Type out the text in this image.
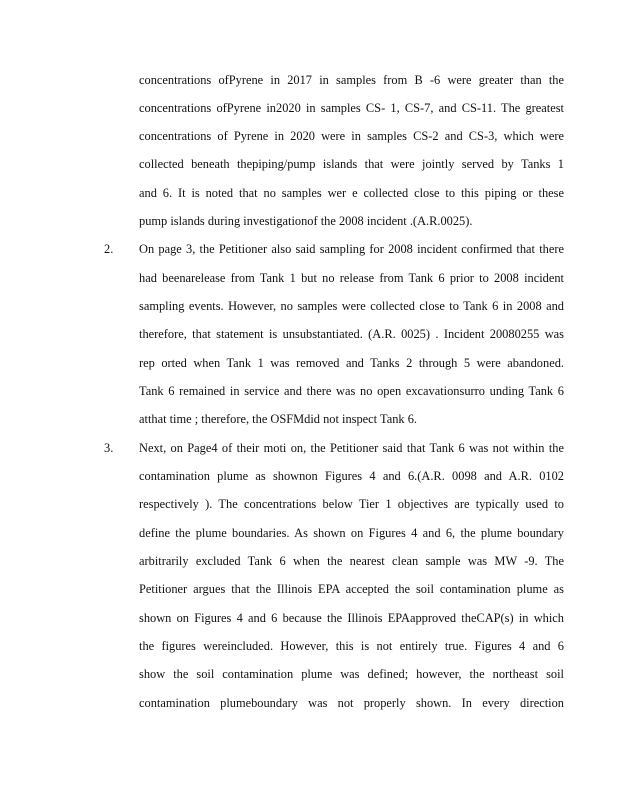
concentrations ofPyrene in 2017 in samples from B -6 were greater than the
concentrations ofPyrene in2020 in samples CS- 1, CS-7, and CS-11. The greatest
concentrations of Pyrene in 2020 were in samples CS-2 and CS-3, which were
collected beneath thepiping/pump islands that were jointly served by Tanks 1
and 6. It is noted that no samples wer e collected close to this piping or these
pump islands during investigationof the 2008 incident .(A.R.0025).
2. On page 3, the Petitioner also said sampling for 2008 incident confirmed that there
had beenarelease from Tank 1 but no release from Tank 6 prior to 2008 incident
sampling events. However, no samples were collected close to Tank 6 in 2008 and
therefore, that statement is unsubstantiated. (A.R. 0025) . Incident 20080255 was
rep orted when Tank 1 was removed and Tanks 2 through 5 were abandoned.
Tank 6 remained in service and there was no open excavationsurro unding Tank 6
atthat time ; therefore, the OSFMdid not inspect Tank 6.
3. Next, on Page4 of their moti on, the Petitioner said that Tank 6 was not within the
contamination plume as shownon Figures 4 and 6.(A.R. 0098 and A.R. 0102
respectively ). The concentrations below Tier 1 objectives are typically used to
define the plume boundaries. As shown on Figures 4 and 6, the plume boundary
arbitrarily excluded Tank 6 when the nearest clean sample was MW -9. The
Petitioner argues that the Illinois EPA accepted the soil contamination plume as
shown on Figures 4 and 6 because the Illinois EPAapproved theCAP(s) in which
the figures wereincluded. However, this is not entirely true. Figures 4 and 6
show the soil contamination plume was defined; however, the northeast soil
contamination plumeboundary was not properly shown. In every direction
